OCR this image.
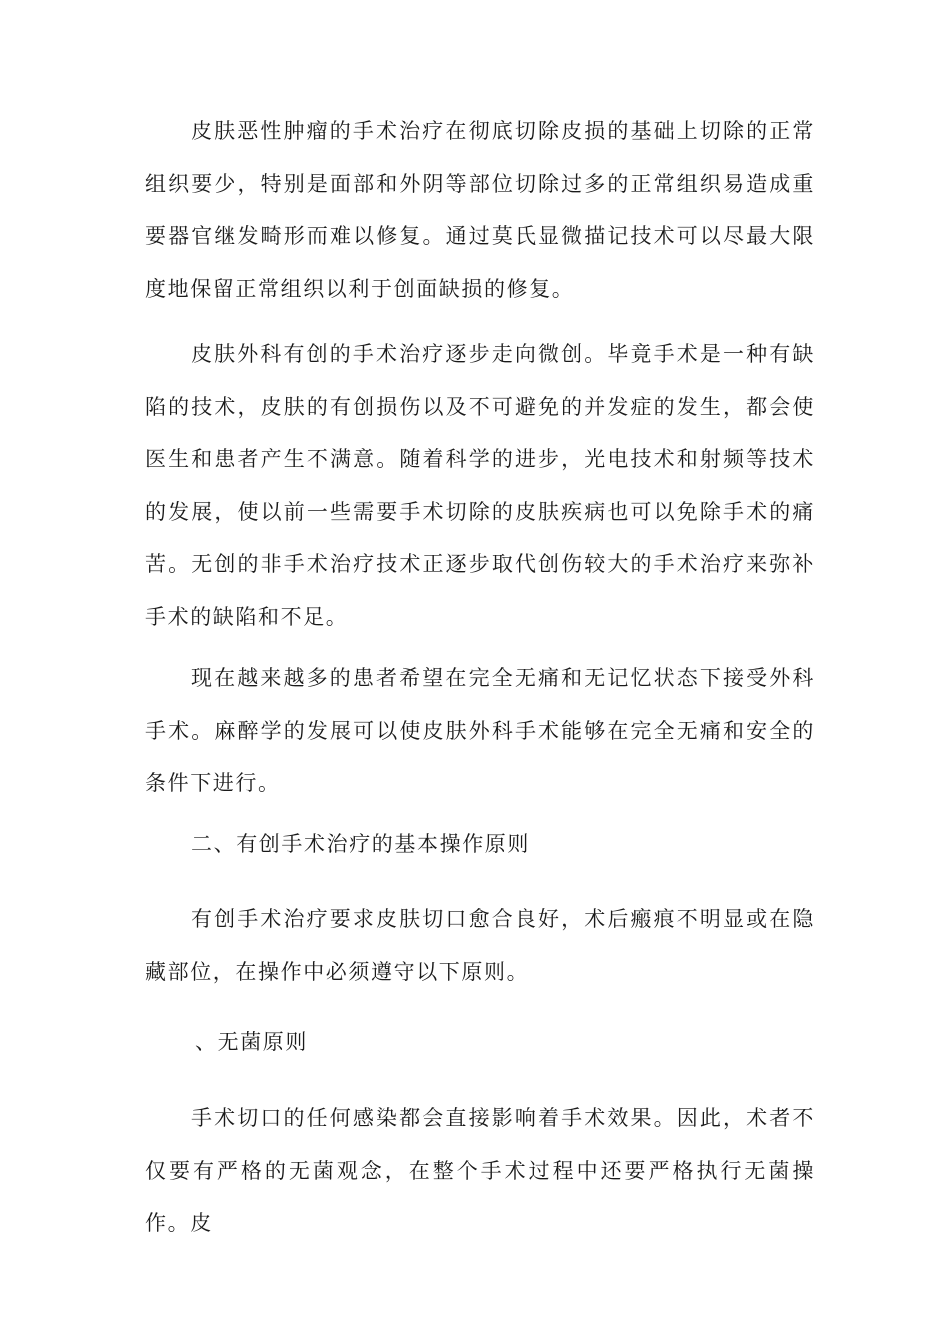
皮肤恶性肿瘤的手术治疗在彻底切除皮损的基础上切除的正常组织要少，特别是面部和外阴等部位切除过多的正常组织易造成重要器官继发畸形而难以修复。通过莫氏显微描记技术可以尽最大限度地保留正常组织以利于创面缺损的修复。

皮肤外科有创的手术治疗逐步走向微创。毕竟手术是一种有缺陷的技术，皮肤的有创损伤以及不可避免的并发症的发生，都会使医生和患者产生不满意。随着科学的进步，光电技术和射频等技术的发展，使以前一些需要手术切除的皮肤疾病也可以免除手术的痛苦。无创的非手术治疗技术正逐步取代创伤较大的手术治疗来弥补手术的缺陷和不足。

现在越来越多的患者希望在完全无痛和无记忆状态下接受外科手术。麻醉学的发展可以使皮肤外科手术能够在完全无痛和安全的条件下进行。

二、有创手术治疗的基本操作原则

有创手术治疗要求皮肤切口愈合良好，术后瘢痕不明显或在隐藏部位，在操作中必须遵守以下原则。

、无菌原则

手术切口的任何感染都会直接影响着手术效果。因此，术者不仅要有严格的无菌观念，在整个手术过程中还要严格执行无菌操作。皮
